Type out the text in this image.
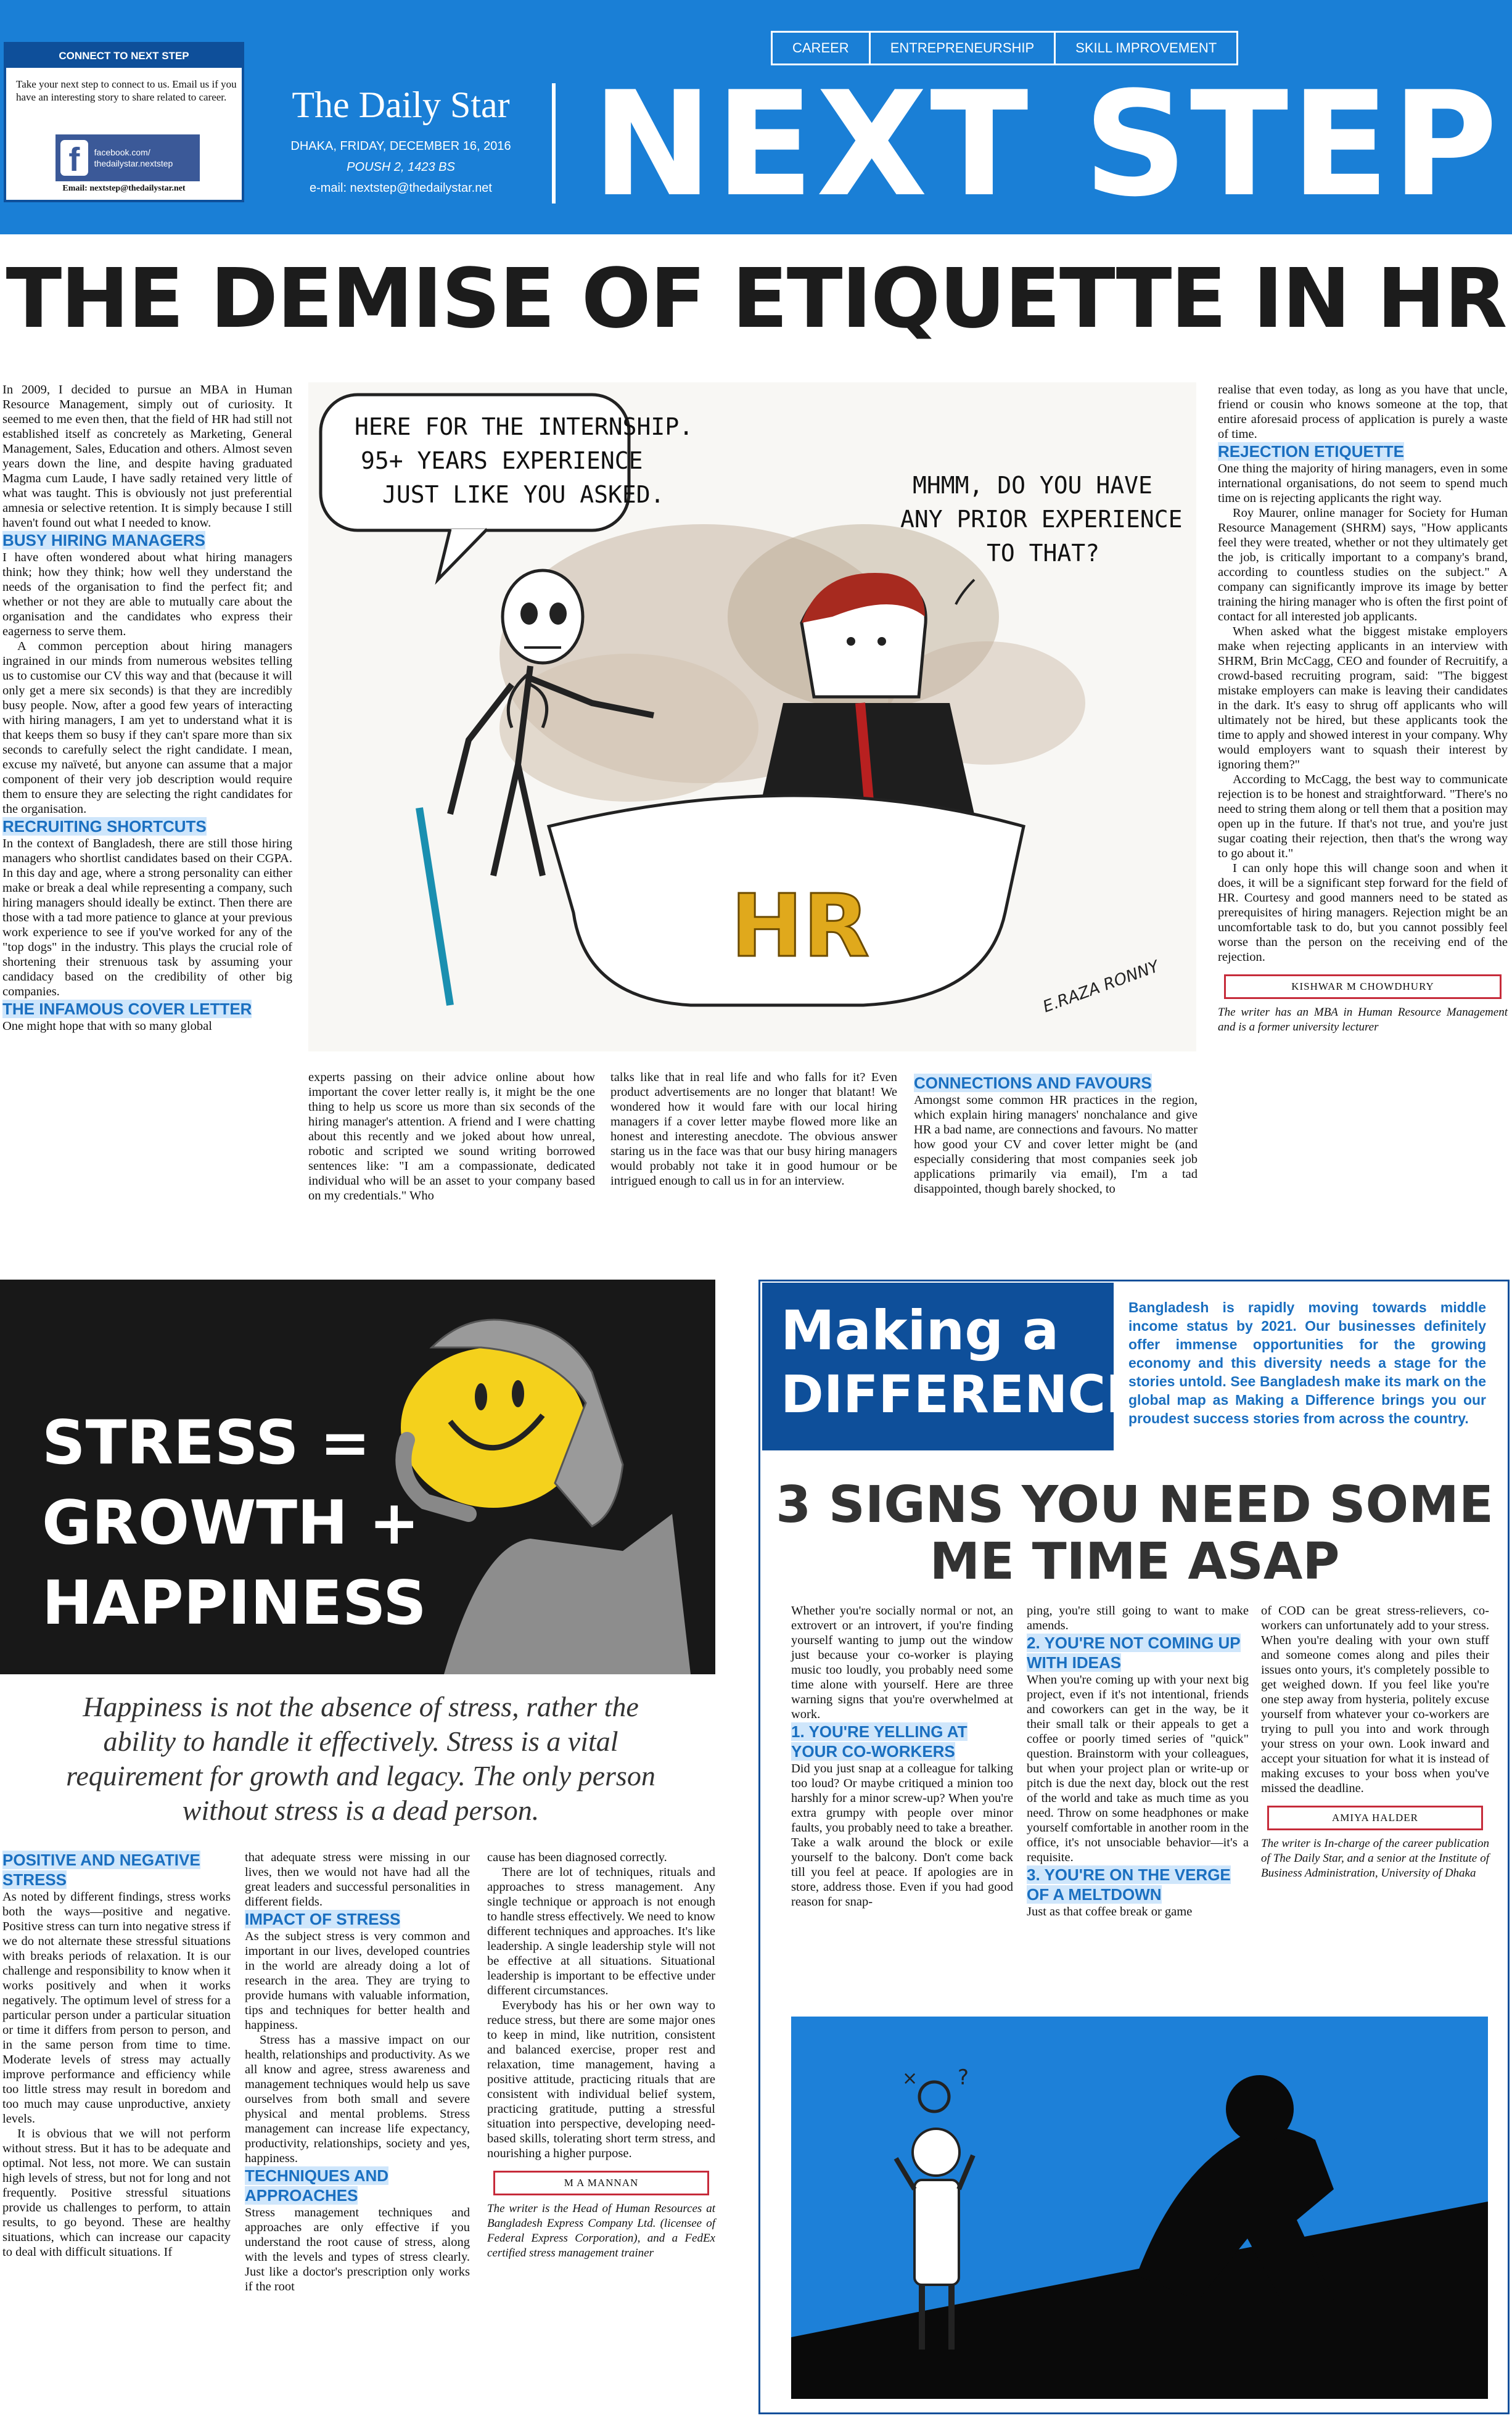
CONNECT TO NEXT STEP
Take your next step to connect to us. Email us if you have an interesting story to share related to career.
f	facebook.com/ thedailystar.nextstep
Email: nextstep@thedailystar.net
The Daily Star
DHAKA, FRIDAY, DECEMBER 16, 2016
POUSH 2, 1423 BS
e-mail: nextstep@thedailystar.net
CAREER	ENTREPRENEURSHIP	SKILL IMPROVEMENT
NEXT STEP
THE DEMISE OF ETIQUETTE IN HR

In 2009, I decided to pursue an MBA in Human Resource Management, simply out of curiosity. It seemed to me even then, that the field of HR had still not established itself as concretely as Marketing, General Management, Sales, Education and others. Almost seven years down the line, and despite having graduated Magma cum Laude, I have sadly retained very little of what was taught. This is obviously not just preferential amnesia or selective retention. It is simply because I still haven't found out what I needed to know.

BUSY HIRING MANAGERS

I have often wondered about what hiring managers think; how they think; how well they understand the needs of the organisation to find the perfect fit; and whether or not they are able to mutually care about the organisation and the candidates who express their eagerness to serve them.

A common perception about hiring managers ingrained in our minds from numerous websites telling us to customise our CV this way and that (because it will only get a mere six seconds) is that they are incredibly busy people. Now, after a good few years of interacting with hiring managers, I am yet to understand what it is that keeps them so busy if they can't spare more than six seconds to carefully select the right candidate. I mean, excuse my naïveté, but anyone can assume that a major component of their very job description would require them to ensure they are selecting the right candidates for the organisation.

RECRUITING SHORTCUTS

In the context of Bangladesh, there are still those hiring managers who shortlist candidates based on their CGPA. In this day and age, where a strong personality can either make or break a deal while representing a company, such hiring managers should ideally be extinct. Then there are those with a tad more patience to glance at your previous work experience to see if you've worked for any of the "top dogs" in the industry. This plays the crucial role of shortening their strenuous task by assuming your candidacy based on the credibility of other big companies.

THE INFAMOUS COVER LETTER

One might hope that with so many global

HERE FOR THE INTERNSHIP. 95+ YEARS EXPERIENCE JUST LIKE YOU ASKED.	MHMM, DO YOU HAVE ANY PRIOR EXPERIENCE TO THAT?
HR
E.RAZA RONNY

experts passing on their advice online about how important the cover letter really is, it might be the one thing to help us score us more than six seconds of the hiring manager's attention. A friend and I were chatting about this recently and we joked about how unreal, robotic and scripted we sound writing borrowed sentences like: "I am a compassionate, dedicated individual who will be an asset to your company based on my credentials." Who

talks like that in real life and who falls for it? Even product advertisements are no longer that blatant! We wondered how it would fare with our local hiring managers if a cover letter maybe flowed more like an honest and interesting anecdote. The obvious answer staring us in the face was that our busy hiring managers would probably not take it in good humour or be intrigued enough to call us in for an interview.

CONNECTIONS AND FAVOURS

Amongst some common HR practices in the region, which explain hiring managers' nonchalance and give HR a bad name, are connections and favours. No matter how good your CV and cover letter might be (and especially considering that most companies seek job applications primarily via email), I'm a tad disappointed, though barely shocked, to

realise that even today, as long as you have that uncle, friend or cousin who knows someone at the top, that entire aforesaid process of application is purely a waste of time.

REJECTION ETIQUETTE

One thing the majority of hiring managers, even in some international organisations, do not seem to spend much time on is rejecting applicants the right way.

Roy Maurer, online manager for Society for Human Resource Management (SHRM) says, "How applicants feel they were treated, whether or not they ultimately get the job, is critically important to a company's brand, according to countless studies on the subject." A company can significantly improve its image by better training the hiring manager who is often the first point of contact for all interested job applicants.

When asked what the biggest mistake employers make when rejecting applicants in an interview with SHRM, Brin McCagg, CEO and founder of Recruitify, a crowd-based recruiting program, said: "The biggest mistake employers can make is leaving their candidates in the dark. It's easy to shrug off applicants who will ultimately not be hired, but these applicants took the time to apply and showed interest in your company. Why would employers want to squash their interest by ignoring them?"

According to McCagg, the best way to communicate rejection is to be honest and straightforward. "There's no need to string them along or tell them that a position may open up in the future. If that's not true, and you're just sugar coating their rejection, then that's the wrong way to go about it."

I can only hope this will change soon and when it does, it will be a significant step forward for the field of HR. Courtesy and good manners need to be stated as prerequisites of hiring managers. Rejection might be an uncomfortable task to do, but you cannot possibly feel worse than the person on the receiving end of the rejection.

KISHWAR M CHOWDHURY
The writer has an MBA in Human Resource Management and is a former university lecturer
STRESS =
GROWTH +
HAPPINESS
Happiness is not the absence of stress, rather the ability to handle it effectively. Stress is a vital requirement for growth and legacy. The only person without stress is a dead person.
POSITIVE AND NEGATIVE STRESS

As noted by different findings, stress works both the ways—positive and negative. Positive stress can turn into negative stress if we do not alternate these stressful situations with breaks periods of relaxation. It is our challenge and responsibility to know when it works positively and when it works negatively. The optimum level of stress for a particular person under a particular situation or time it differs from person to person, and in the same person from time to time. Moderate levels of stress may actually improve performance and efficiency while too little stress may result in boredom and too much may cause unproductive, anxiety levels.

It is obvious that we will not perform without stress. But it has to be adequate and optimal. Not less, not more. We can sustain high levels of stress, but not for long and not frequently. Positive stressful situations provide us challenges to perform, to attain results, to go beyond. These are healthy situations, which can increase our capacity to deal with difficult situations. If

that adequate stress were missing in our lives, then we would not have had all the great leaders and successful personalities in different fields.

IMPACT OF STRESS

As the subject stress is very common and important in our lives, developed countries in the world are already doing a lot of research in the area. They are trying to provide humans with valuable information, tips and techniques for better health and happiness.

Stress has a massive impact on our health, relationships and productivity. As we all know and agree, stress awareness and management techniques would help us save ourselves from both small and severe physical and mental problems. Stress management can increase life expectancy, productivity, relationships, society and yes, happiness.

TECHNIQUES AND APPROACHES

Stress management techniques and approaches are only effective if you understand the root cause of stress, along with the levels and types of stress clearly. Just like a doctor's prescription only works if the root

cause has been diagnosed correctly.

There are lot of techniques, rituals and approaches to stress management. Any single technique or approach is not enough to handle stress effectively. We need to know different techniques and approaches. It's like leadership. A single leadership style will not be effective at all situations. Situational leadership is important to be effective under different circumstances.

Everybody has his or her own way to reduce stress, but there are some major ones to keep in mind, like nutrition, consistent and balanced exercise, proper rest and relaxation, time management, having a positive attitude, practicing rituals that are consistent with individual belief system, practicing gratitude, putting a stressful situation into perspective, developing need-based skills, tolerating short term stress, and nourishing a higher purpose.

M A MANNAN
The writer is the Head of Human Resources at Bangladesh Express Company Ltd. (licensee of Federal Express Corporation), and a FedEx certified stress management trainer
Making a
DIFFERENCE
Bangladesh is rapidly moving towards middle income status by 2021. Our businesses definitely offer immense opportunities for the growing economy and this diversity needs a stage for the stories untold. See Bangladesh make its mark on the global map as Making a Difference brings you our proudest success stories from across the country.
3 SIGNS YOU NEED SOME ME TIME ASAP

Whether you're socially normal or not, an extrovert or an introvert, if you're finding yourself wanting to jump out the window just because your co-worker is playing music too loudly, you probably need some time alone with yourself. Here are three warning signs that you're overwhelmed at work.

1. YOU'RE YELLING AT YOUR CO-WORKERS

Did you just snap at a colleague for talking too loud? Or maybe critiqued a minion too harshly for a minor screw-up? When you're extra grumpy with people over minor faults, you probably need to take a breather. Take a walk around the block or exile yourself to the balcony. Don't come back till you feel at peace. If apologies are in store, address those. Even if you had good reason for snap-

ping, you're still going to want to make amends.

2. YOU'RE NOT COMING UP WITH IDEAS

When you're coming up with your next big project, even if it's not intentional, friends and coworkers can get in the way, be it their small talk or their appeals to get a coffee or poorly timed series of "quick" question. Brainstorm with your colleagues, but when your project plan or write-up or pitch is due the next day, block out the rest of the world and take as much time as you need. Throw on some headphones or make yourself comfortable in another room in the office, it's not unsociable behavior—it's a requisite.

3. YOU'RE ON THE VERGE OF A MELTDOWN

Just as that coffee break or game

of COD can be great stress-relievers, co-workers can unfortunately add to your stress. When you're dealing with your own stuff and someone comes along and piles their issues onto yours, it's completely possible to get weighed down. If you feel like you're one step away from hysteria, politely excuse yourself from whatever your co-workers are trying to pull you into and work through your stress on your own. Look inward and accept your situation for what it is instead of making excuses to your boss when you've missed the deadline.

AMIYA HALDER
The writer is In-charge of the career publication of The Daily Star, and a senior at the Institute of Business Administration, University of Dhaka
?
×
